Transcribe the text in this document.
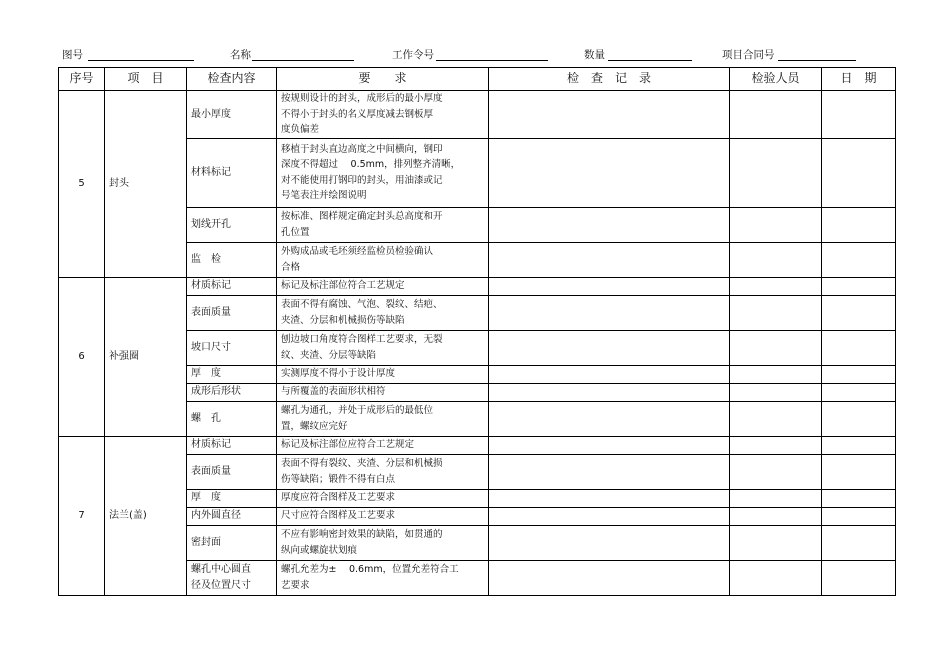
图号	名称	工作令号	数量	项目合同号
序号	项　目	检查内容	要　　求	检　查　记　录	检验人员	日　期
5	封头	最小厚度	按规则设计的封头，成形后的最小厚度
不得小于封头的名义厚度减去钢板厚
度负偏差			
		材料标记	移植于封头直边高度之中间横向，钢印
深度不得超过　 0.5mm，排列整齐清晰，
对不能使用打钢印的封头，用油漆或记
号笔表注并绘图说明			
		划线开孔	按标准、图样规定确定封头总高度和开
孔位置			
		监　检	外购成品或毛坯须经监检员检验确认
合格			
6	补强圈	材质标记	标记及标注部位符合工艺规定			
		表面质量	表面不得有腐蚀、气泡、裂纹、结疤、
夹渣、分层和机械损伤等缺陷			
		坡口尺寸	刨边坡口角度符合图样工艺要求，无裂
纹、夹渣、分层等缺陷			
		厚　度	实测厚度不得小于设计厚度			
		成形后形状	与所覆盖的表面形状相符			
		螺　孔	螺孔为通孔，并处于成形后的最低位
置，螺纹应完好			
7	法兰(盖)	材质标记	标记及标注部位应符合工艺规定			
		表面质量	表面不得有裂纹、夹渣、分层和机械损
伤等缺陷；锻件不得有白点			
		厚　度	厚度应符合图样及工艺要求			
		内外圆直径	尺寸应符合图样及工艺要求			
		密封面	不应有影响密封效果的缺陷，如贯通的
纵向或螺旋状划痕			
		螺孔中心圆直
径及位置尺寸	螺孔允差为±　 0.6mm，位置允差符合工
艺要求			
